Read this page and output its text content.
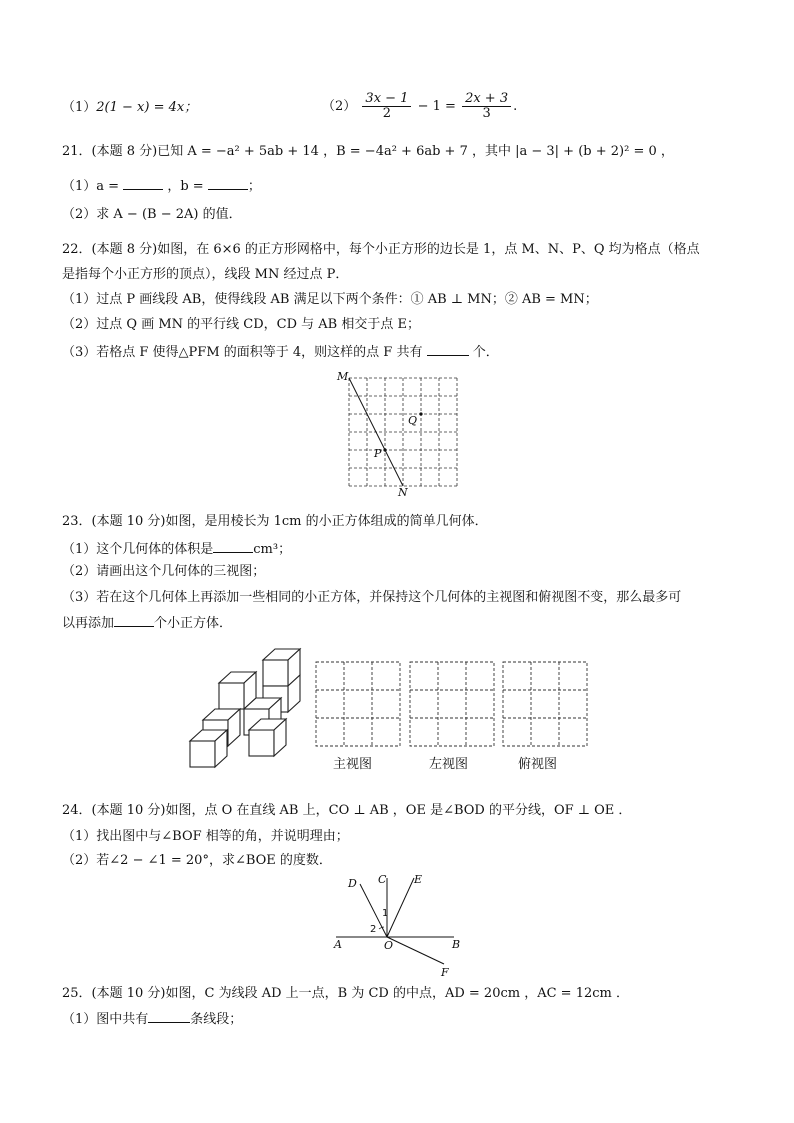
（1）2(1 − x) = 4x；	$(2) \frac{3x - 1}{2} - 1 = \frac{2x + 3}{3}$ .
21．(本题 8 分)已知 A = −a² + 5ab + 14 ，B = −4a² + 6ab + 7 ，其中 |a − 3| + (b + 2)² = 0 ，
（1）a =	，b =	；
（2）求 A − (B − 2A) 的值．
22．(本题 8 分)如图，在 6×6 的正方形网格中，每个小正方形的边长是 1，点 M、N、P、Q 均为格点（格点
是指每个小正方形的顶点），线段 MN 经过点 P．
（1）过点 P 画线段 AB，使得线段 AB 满足以下两个条件：① AB ⊥ MN；② AB = MN；
（2）过点 Q 画 MN 的平行线 CD，CD 与 AB 相交于点 E；
（3）若格点 F 使得△PFM 的面积等于 4，则这样的点 F 共有	个．
M
N
P
Q
23．(本题 10 分)如图，是用棱长为 1cm 的小正方体组成的简单几何体．
（1）这个几何体的体积是	cm³；
（2）请画出这个几何体的三视图；
（3）若在这个几何体上再添加一些相同的小正方体，并保持这个几何体的主视图和俯视图不变，那么最多可
以再添加	个小正方体．
主视图	左视图	俯视图
24．(本题 10 分)如图，点 O 在直线 AB 上，CO ⊥ AB ，OE 是∠BOD 的平分线，OF ⊥ OE ．
（1）找出图中与∠BOF 相等的角，并说明理由；
（2）若∠2 − ∠1 = 20°，求∠BOE 的度数．
A	B
C
D	E
F
O
1
2
25．(本题 10 分)如图，C 为线段 AD 上一点，B 为 CD 的中点，AD = 20cm ，AC = 12cm ．
（1）图中共有	条线段；
